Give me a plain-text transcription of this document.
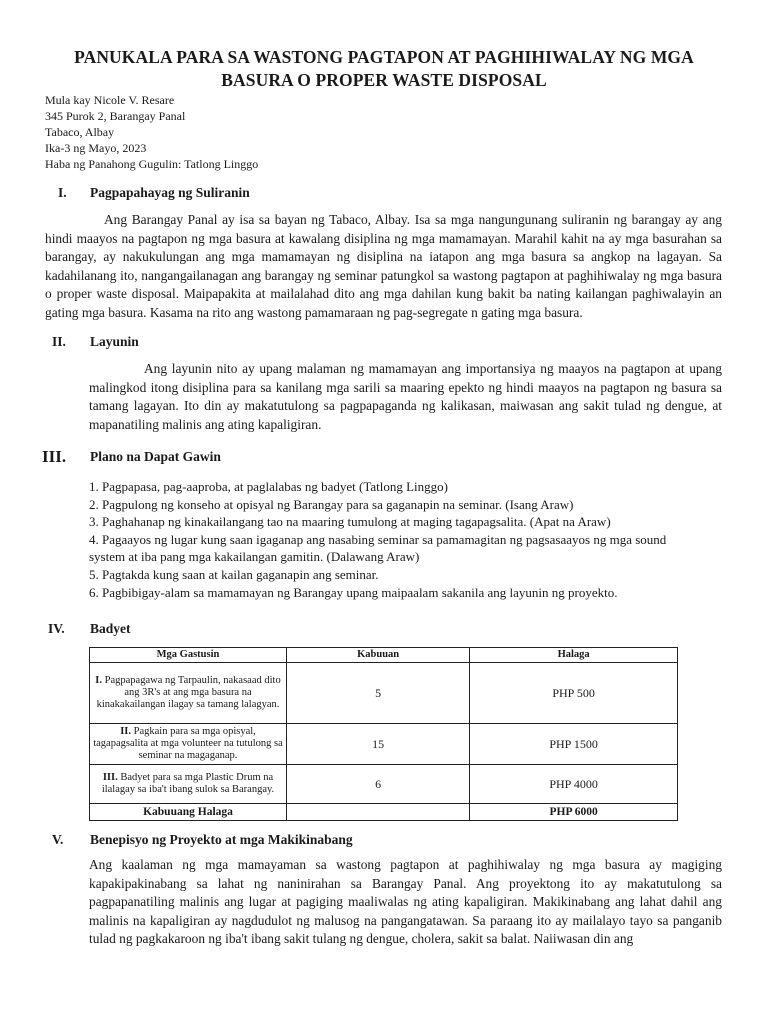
PANUKALA PARA SA WASTONG PAGTAPON AT PAGHIHIWALAY NG MGA BASURA O PROPER WASTE DISPOSAL
Mula kay Nicole V. Resare
345 Purok 2, Barangay Panal
Tabaco, Albay
Ika-3 ng Mayo, 2023
Haba ng Panahong Gugulin: Tatlong Linggo
I. Pagpapahayag ng Suliranin

Ang Barangay Panal ay isa sa bayan ng Tabaco, Albay. Isa sa mga nangungunang suliranin ng barangay ay ang hindi maayos na pagtapon ng mga basura at kawalang disiplina ng mga mamamayan. Marahil kahit na ay mga basurahan sa barangay, ay nakukulungan ang mga mamamayan ng disiplina na iatapon ang mga basura sa angkop na lagayan. Sa kadahilanang ito, nangangailanagan ang barangay ng seminar patungkol sa wastong pagtapon at paghihiwalay ng mga basura o proper waste disposal. Maipapakita at mailalahad dito ang mga dahilan kung bakit ba nating kailangan paghiwalayin an gating mga basura. Kasama na rito ang wastong pamamaraan ng pag-segregate n gating mga basura.

II. Layunin

Ang layunin nito ay upang malaman ng mamamayan ang importansiya ng maayos na pagtapon at upang malingkod itong disiplina para sa kanilang mga sarili sa maaring epekto ng hindi maayos na pagtapon ng basura sa tamang lagayan. Ito din ay makatutulong sa pagpapaganda ng kalikasan, maiwasan ang sakit tulad ng dengue, at mapanatiling malinis ang ating kapaligiran.

III. Plano na Dapat Gawin
1. Pagpapasa, pag-aaproba, at paglalabas ng badyet (Tatlong Linggo)
2. Pagpulong ng konseho at opisyal ng Barangay para sa gaganapin na seminar. (Isang Araw)
3. Paghahanap ng kinakailangang tao na maaring tumulong at maging tagapagsalita. (Apat na Araw)
4. Pagaayos ng lugar kung saan igaganap ang nasabing seminar sa pamamagitan ng pagsasaayos ng mga sound
system at iba pang mga kakailangan gamitin. (Dalawang Araw)
5. Pagtakda kung saan at kailan gaganapin ang seminar.
6. Pagbibigay-alam sa mamamayan ng Barangay upang maipaalam sakanila ang layunin ng proyekto.
IV. Badyet
Mga Gastusin	Kabuuan	Halaga
I. Pagpapagawa ng Tarpaulin, nakasaad dito ang 3R's at ang mga basura na kinakakailangan ilagay sa tamang lalagyan.	5	PHP 500
II. Pagkain para sa mga opisyal, tagapagsalita at mga volunteer na tutulong sa seminar na magaganap.	15	PHP 1500
III. Badyet para sa mga Plastic Drum na ilalagay sa iba't ibang sulok sa Barangay.	6	PHP 4000
Kabuuang Halaga		PHP 6000
V. Benepisyo ng Proyekto at mga Makikinabang

Ang kaalaman ng mga mamayaman sa wastong pagtapon at paghihiwalay ng mga basura ay magiging kapakipakinabang sa lahat ng naninirahan sa Barangay Panal. Ang proyektong ito ay makatutulong sa pagpapanatiling malinis ang lugar at pagiging maaliwalas ng ating kapaligiran. Makikinabang ang lahat dahil ang malinis na kapaligiran ay nagdudulot ng malusog na pangangatawan. Sa paraang ito ay mailalayo tayo sa panganib tulad ng pagkakaroon ng iba't ibang sakit tulang ng dengue, cholera, sakit sa balat. Naiiwasan din ang
